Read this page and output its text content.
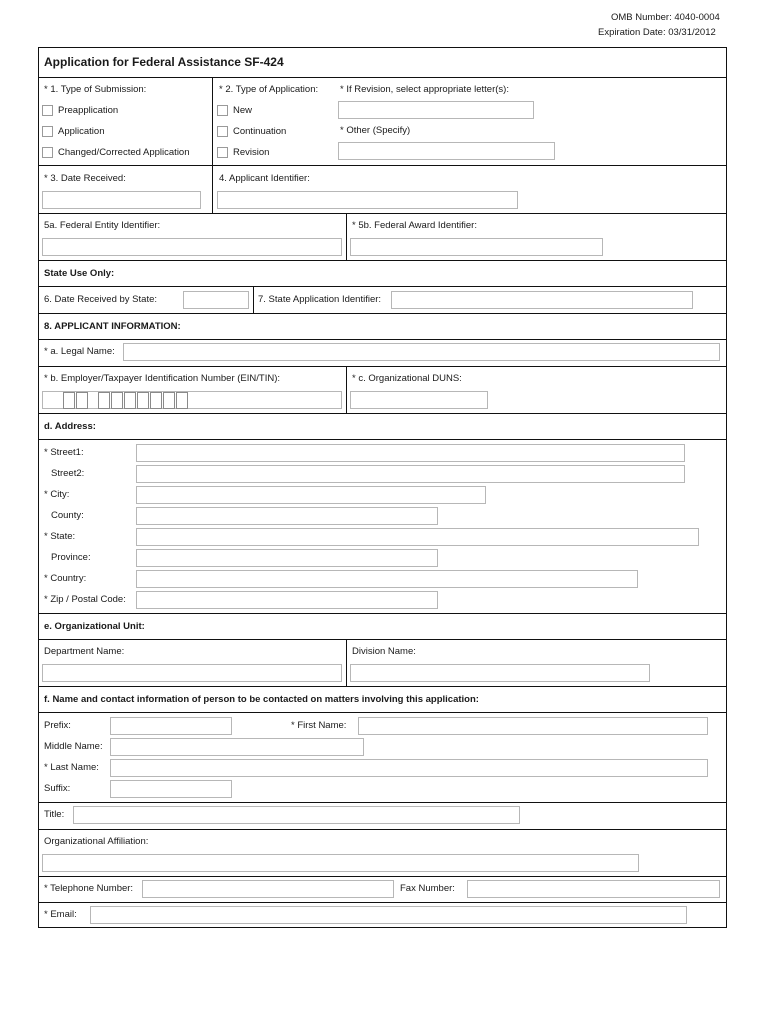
OMB Number: 4040-0004
Expiration Date: 03/31/2012
Application for Federal Assistance SF-424
* 1. Type of Submission:
Preapplication
Application
Changed/Corrected Application
* 2. Type of Application:
New
Continuation
Revision
* If Revision, select appropriate letter(s):
* Other (Specify)
* 3. Date Received:	4. Applicant Identifier:
5a. Federal Entity Identifier:	* 5b. Federal Award Identifier:
State Use Only:
6. Date Received by State:	7. State Application Identifier:
8. APPLICANT INFORMATION:
* a. Legal Name:
* b. Employer/Taxpayer Identification Number (EIN/TIN):	* c. Organizational DUNS:
d. Address:
* Street1:
Street2:
* City:
County:
* State:
Province:
* Country:
* Zip / Postal Code:
e. Organizational Unit:
Department Name:	Division Name:
f. Name and contact information of person to be contacted on matters involving this application:
Prefix:	* First Name:
Middle Name:
* Last Name:
Suffix:
Title:
Organizational Affiliation:
* Telephone Number:	Fax Number:
* Email:
